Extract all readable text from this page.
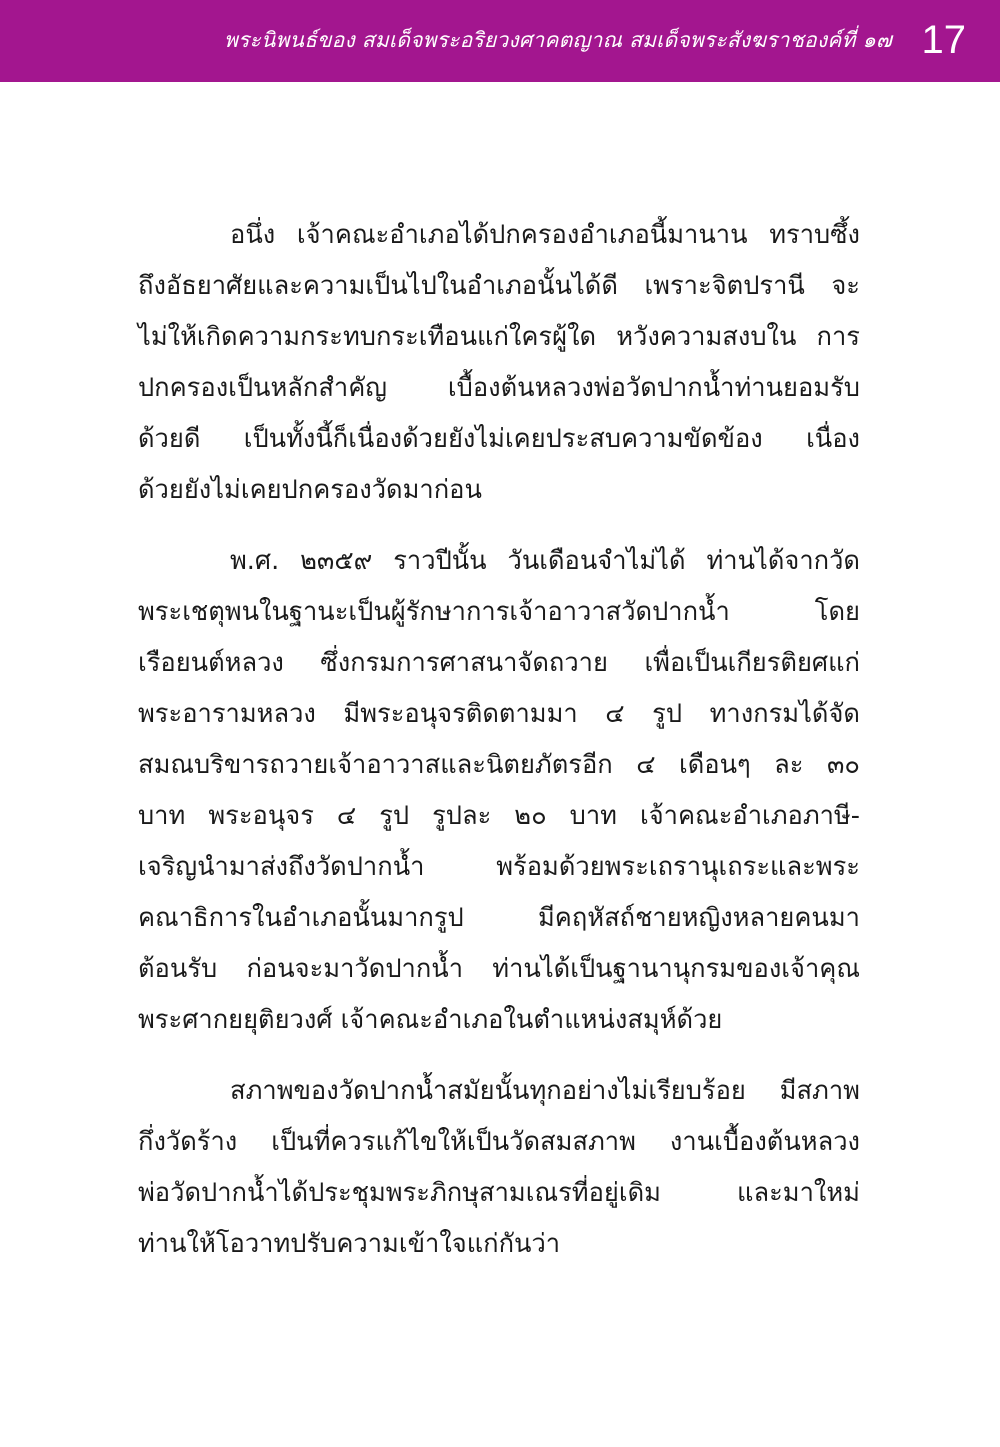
พระนิพนธ์ของ สมเด็จพระอริยวงศาคตญาณ สมเด็จพระสังฆราชองค์ที่ ๑๗ 17

อนึ่ง เจ้าคณะอำเภอได้ปกครองอำเภอนี้มานาน ทราบซึ้ง
ถึงอัธยาศัยและความเป็นไปในอำเภอนั้นได้ดี เพราะจิตปรานี จะ
ไม่ให้เกิดความกระทบกระเทือนแก่ใครผู้ใด หวังความสงบใน การ
ปกครองเป็นหลักสำคัญ เบื้องต้นหลวงพ่อวัดปากน้ำท่านยอมรับ
ด้วยดี เป็นทั้งนี้ก็เนื่องด้วยยังไม่เคยประสบความขัดข้อง เนื่อง
ด้วยยังไม่เคยปกครองวัดมาก่อน

พ.ศ. ๒๓๕๙ ราวปีนั้น วันเดือนจำไม่ได้ ท่านได้จากวัด
พระเชตุพนในฐานะเป็นผู้รักษาการเจ้าอาวาสวัดปากน้ำ โดย
เรือยนต์หลวง ซึ่งกรมการศาสนาจัดถวาย เพื่อเป็นเกียรติยศแก่
พระอารามหลวง มีพระอนุจรติดตามมา ๔ รูป ทางกรมได้จัด
สมณบริขารถวายเจ้าอาวาสและนิตยภัตรอีก ๔ เดือนๆ ละ ๓๐
บาท พระอนุจร ๔ รูป รูปละ ๒๐ บาท เจ้าคณะอำเภอภาษี-
เจริญนำมาส่งถึงวัดปากน้ำ พร้อมด้วยพระเถรานุเถระและพระ
คณาธิการในอำเภอนั้นมากรูป มีคฤหัสถ์ชายหญิงหลายคนมา
ต้อนรับ ก่อนจะมาวัดปากน้ำ ท่านได้เป็นฐานานุกรมของเจ้าคุณ
พระศากยยุติยวงศ์ เจ้าคณะอำเภอในตำแหน่งสมุห์ด้วย

สภาพของวัดปากน้ำสมัยนั้นทุกอย่างไม่เรียบร้อย มีสภาพ
กึ่งวัดร้าง เป็นที่ควรแก้ไขให้เป็นวัดสมสภาพ งานเบื้องต้นหลวง
พ่อวัดปากน้ำได้ประชุมพระภิกษุสามเณรที่อยู่เดิม และมาใหม่
ท่านให้โอวาทปรับความเข้าใจแก่กันว่า
